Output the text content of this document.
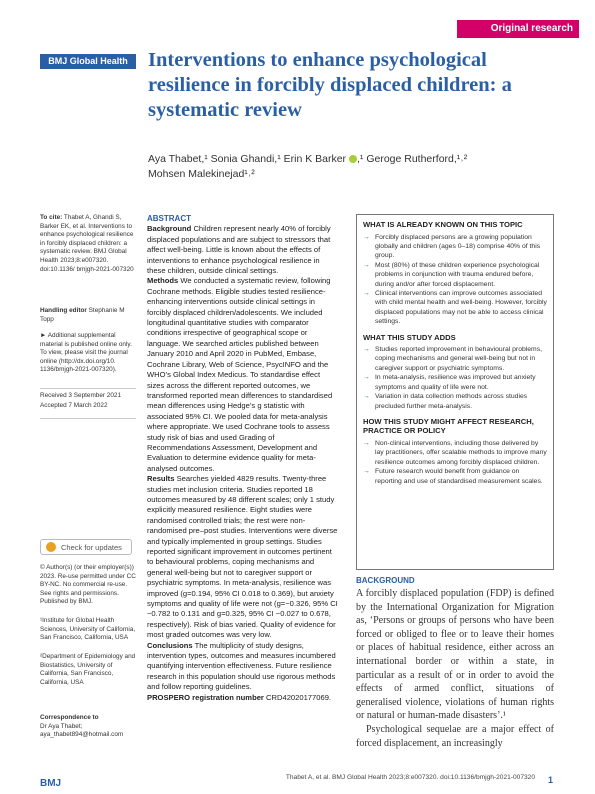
Original research
BMJ Global Health Interventions to enhance psychological resilience in forcibly displaced children: a systematic review
Aya Thabet,¹ Sonia Ghandi,¹ Erin K Barker ,¹ Geroge Rutherford,¹˒²
Mohsen Malekinejad¹˒²
To cite: Thabet A, Ghandi S, Barker EK, et al. Interventions to enhance psychological resilience in forcibly displaced children: a systematic review. BMJ Global Health 2023;8:e007320. doi:10.1136/ bmjgh-2021-007320
Handling editor Stephanie M Topp
► Additional supplemental material is published online only. To view, please visit the journal online (http://dx.doi.org/10. 1136/bmjgh-2021-007320).
Received 3 September 2021
Accepted 7 March 2022
Check for updates
© Author(s) (or their employer(s)) 2023. Re-use permitted under CC BY-NC. No commercial re-use. See rights and permissions. Published by BMJ.
¹Institute for Global Health Sciences, University of California, San Francisco, California, USA
²Department of Epidemiology and Biostatistics, University of California, San Francisco, California, USA
Correspondence to
Dr Aya Thabet;
aya_thabet894@hotmail.com
ABSTRACT
Background Children represent nearly 40% of forcibly displaced populations and are subject to stressors that affect well-being. Little is known about the effects of interventions to enhance psychological resilience in these children, outside clinical settings.
Methods We conducted a systematic review, following Cochrane methods. Eligible studies tested resilience-enhancing interventions outside clinical settings in forcibly displaced children/adolescents. We included longitudinal quantitative studies with comparator conditions irrespective of geographical scope or language. We searched articles published between January 2010 and April 2020 in PubMed, Embase, Cochrane Library, Web of Science, PsycINFO and the WHO’s Global Index Medicus. To standardise effect sizes across the different reported outcomes, we transformed reported mean differences to standardised mean differences using Hedge’s g statistic with associated 95% CI. We pooled data for meta-analysis where appropriate. We used Cochrane tools to assess study risk of bias and used Grading of Recommendations Assessment, Development and Evaluation to determine evidence quality for meta-analysed outcomes.
Results Searches yielded 4829 results. Twenty-three studies met inclusion criteria. Studies reported 18 outcomes measured by 48 different scales; only 1 study explicitly measured resilience. Eight studies were randomised controlled trials; the rest were non-randomised pre–post studies. Interventions were diverse and typically implemented in group settings. Studies reported significant improvement in outcomes pertinent to behavioural problems, coping mechanisms and general well-being but not to caregiver support or psychiatric symptoms. In meta-analysis, resilience was improved (g=0.194, 95% CI 0.018 to 0.369), but anxiety symptoms and quality of life were not (g=−0.326, 95% CI −0.782 to 0.131 and g=0.325, 95% CI −0.027 to 0.678, respectively). Risk of bias varied. Quality of evidence for most graded outcomes was very low.
Conclusions The multiplicity of study designs, intervention types, outcomes and measures incumbered quantifying intervention effectiveness. Future resilience research in this population should use rigorous methods and follow reporting guidelines.
PROSPERO registration number CRD42020177069.
WHAT IS ALREADY KNOWN ON THIS TOPIC
→ Forcibly displaced persons are a growing population globally and children (ages 0–18) comprise 40% of this group.
→ Most (80%) of these children experience psychological problems in conjunction with trauma endured before, during and/or after forced displacement.
→ Clinical interventions can improve outcomes associated with child mental health and well-being. However, forcibly displaced populations may not be able to access clinical settings.
WHAT THIS STUDY ADDS
→ Studies reported improvement in behavioural problems, coping mechanisms and general well-being but not in caregiver support or psychiatric symptoms.
→ In meta-analysis, resilience was improved but anxiety symptoms and quality of life were not.
→ Variation in data collection methods across studies precluded further meta-analysis.
HOW THIS STUDY MIGHT AFFECT RESEARCH, PRACTICE OR POLICY
→ Non-clinical interventions, including those delivered by lay practitioners, offer scalable methods to improve many resilience outcomes among forcibly displaced children.
→ Future research would benefit from guidance on reporting and use of standardised measurement scales.
BACKGROUND
A forcibly displaced population (FDP) is defined by the International Organization for Migration as, ‘Persons or groups of persons who have been forced or obliged to flee or to leave their homes or places of habitual residence, either across an international border or within a state, in particular as a result of or in order to avoid the effects of armed conflict, situations of generalised violence, violations of human rights or natural or human-made disasters’.¹
Psychological sequelae are a major effect of forced displacement, an increasingly
BMJ
Thabet A, et al. BMJ Global Health 2023;8:e007320. doi:10.1136/bmjgh-2021-007320 1
